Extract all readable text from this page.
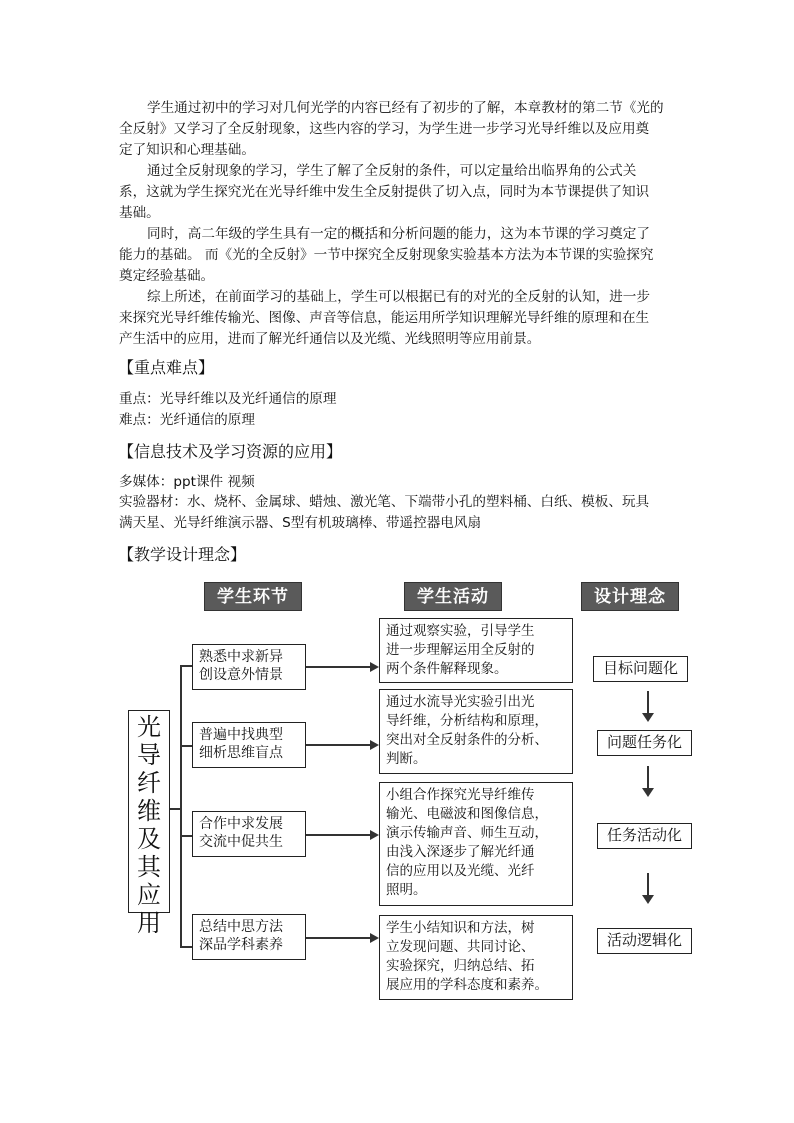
学生通过初中的学习对几何光学的内容已经有了初步的了解，本章教材的第二节《光的
全反射》又学习了全反射现象，这些内容的学习，为学生进一步学习光导纤维以及应用奠
定了知识和心理基础。
通过全反射现象的学习，学生了解了全反射的条件，可以定量给出临界角的公式关
系，这就为学生探究光在光导纤维中发生全反射提供了切入点，同时为本节课提供了知识
基础。
同时，高二年级的学生具有一定的概括和分析问题的能力，这为本节课的学习奠定了
能力的基础。 而《光的全反射》一节中探究全反射现象实验基本方法为本节课的实验探究
奠定经验基础。
综上所述，在前面学习的基础上，学生可以根据已有的对光的全反射的认知，进一步
来探究光导纤维传输光、图像、声音等信息，能运用所学知识理解光导纤维的原理和在生
产生活中的应用，进而了解光纤通信以及光缆、光线照明等应用前景。
【重点难点】
重点：光导纤维以及光纤通信的原理
难点：光纤通信的原理
【信息技术及学习资源的应用】
多媒体：ppt课件 视频
实验器材：水、烧杯、金属球、蜡烛、激光笔、下端带小孔的塑料桶、白纸、模板、玩具
满天星、光导纤维演示器、S型有机玻璃棒、带遥控器电风扇
【教学设计理念】
学生环节	学生活动	设计理念
光
导
纤
维
及
其
应
用
熟悉中求新异
创设意外情景
普遍中找典型
细析思维盲点
合作中求发展
交流中促共生
总结中思方法
深品学科素养
通过观察实验，引导学生
进一步理解运用全反射的
两个条件解释现象。
通过水流导光实验引出光
导纤维，分析结构和原理，
突出对全反射条件的分析、
判断。
小组合作探究光导纤维传
输光、电磁波和图像信息，
演示传输声音、师生互动，
由浅入深逐步了解光纤通
信的应用以及光缆、光纤
照明。
学生小结知识和方法，树
立发现问题、共同讨论、
实验探究，归纳总结、拓
展应用的学科态度和素养。
目标问题化
问题任务化
任务活动化
活动逻辑化
